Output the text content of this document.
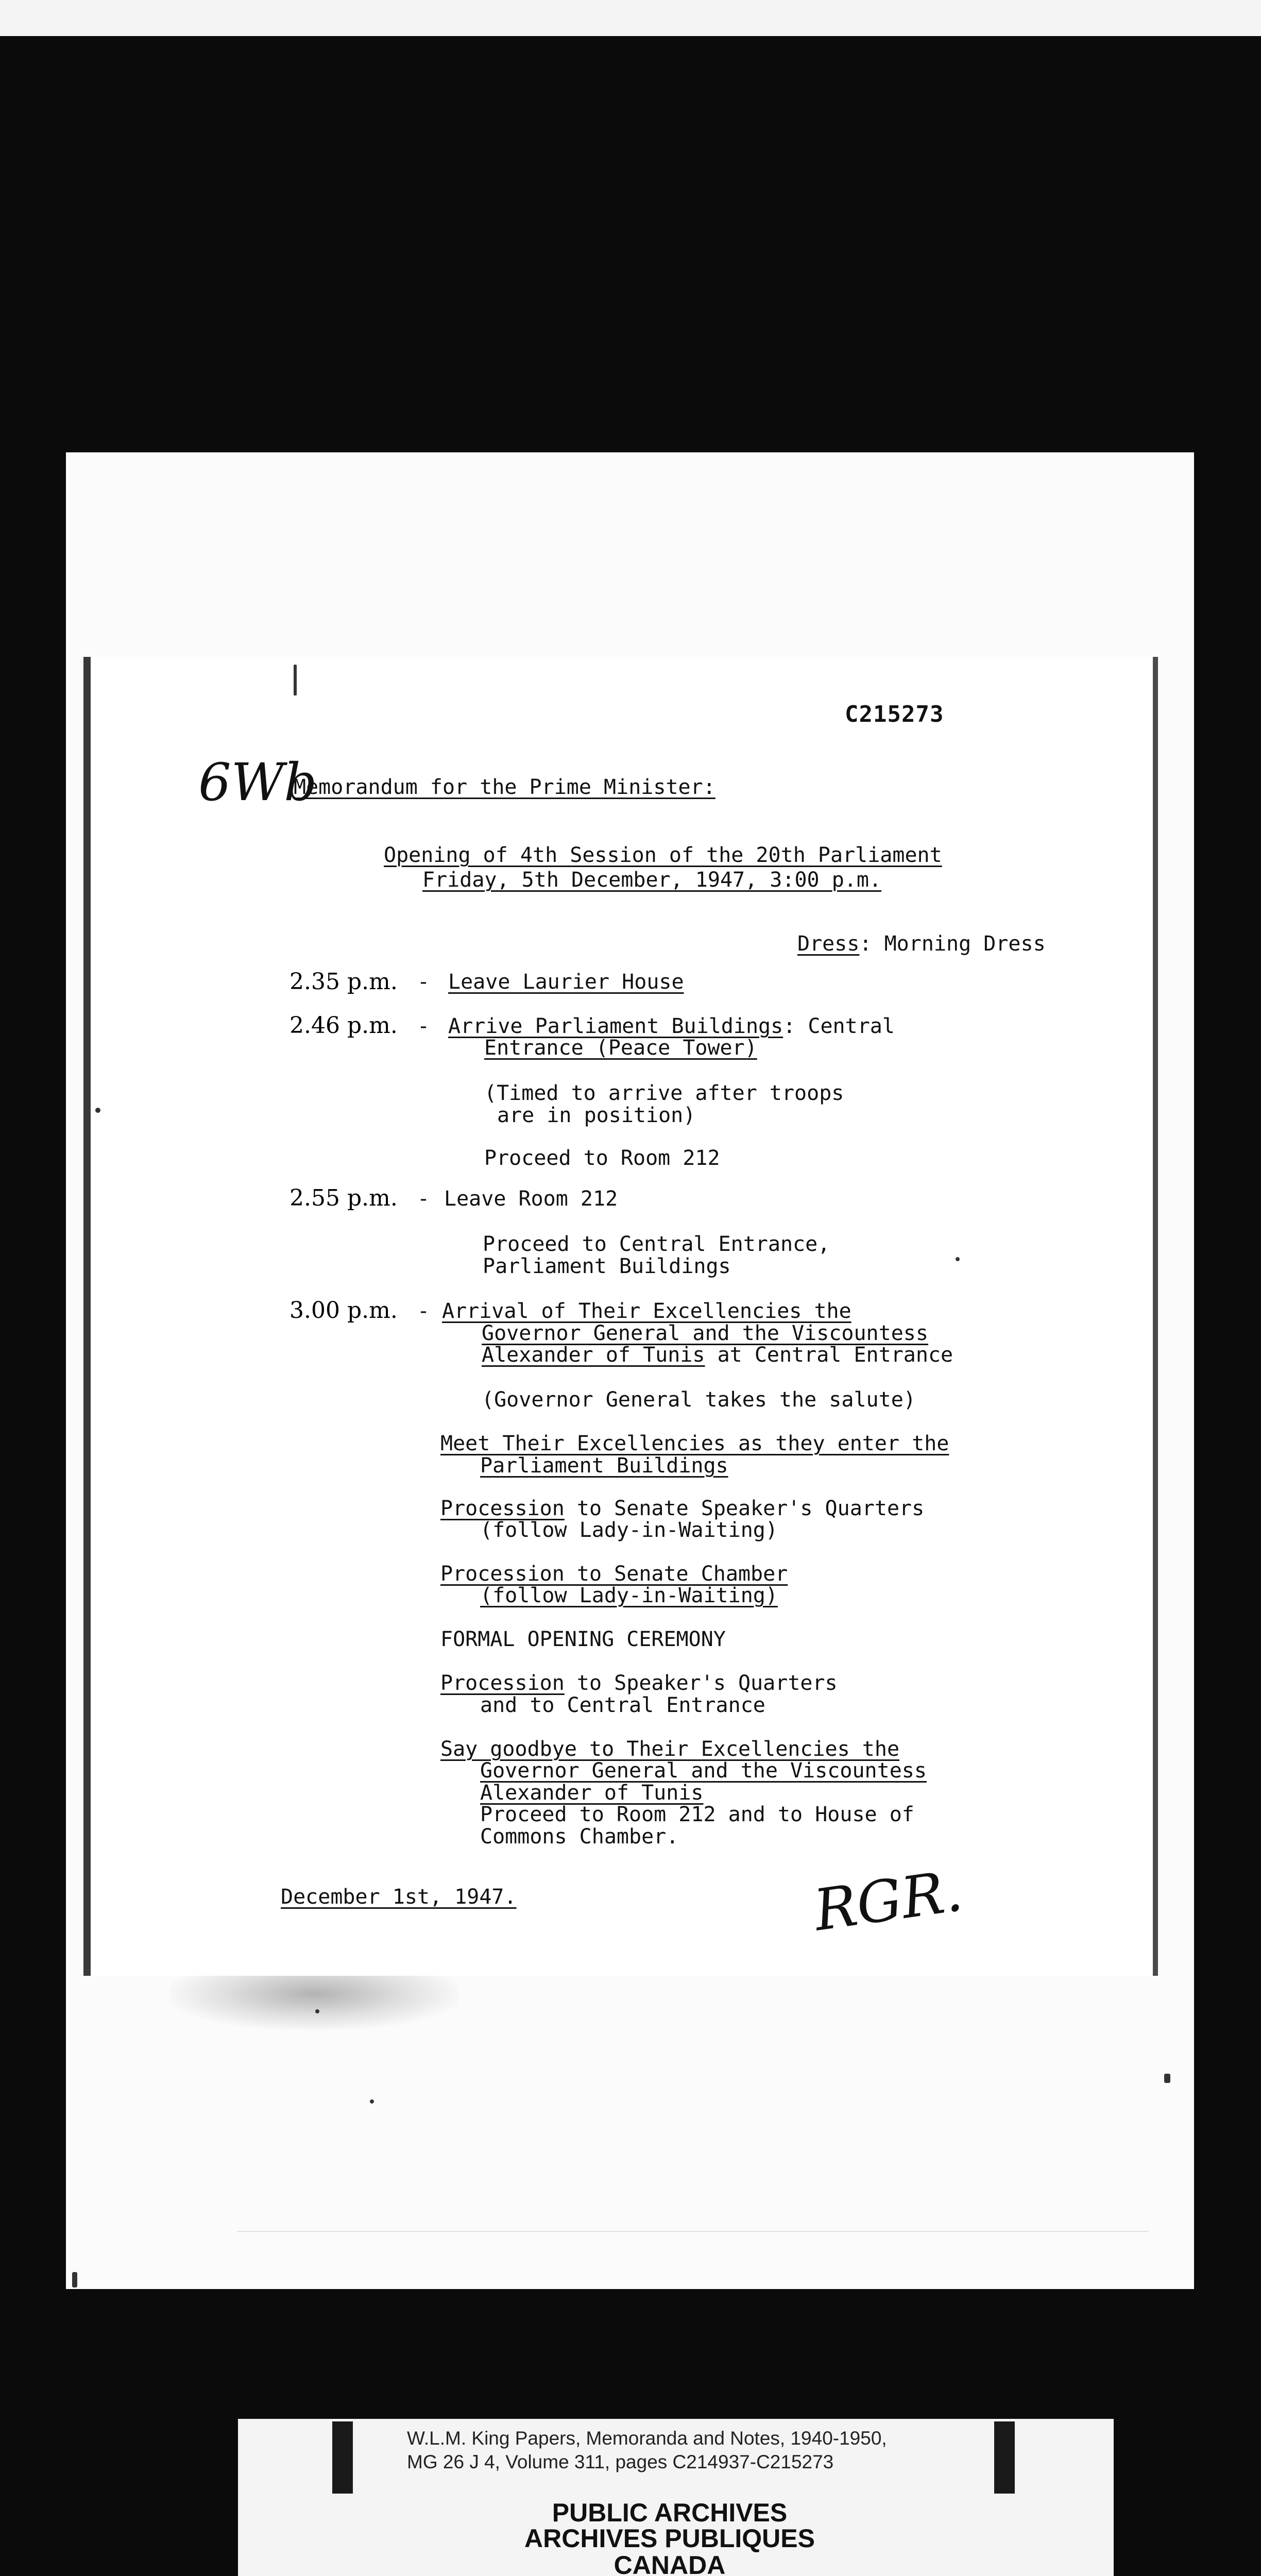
C215273
6Wb
Memorandum for the Prime Minister:
Opening of 4th Session of the 20th Parliament
Friday, 5th December, 1947, 3:00 p.m.
Dress: Morning Dress
2.35 p.m. - Leave Laurier House
2.46 p.m. - Arrive Parliament Buildings: Central
Entrance (Peace Tower)
(Timed to arrive after troops
are in position)
Proceed to Room 212
2.55 p.m. - Leave Room 212
Proceed to Central Entrance,
Parliament Buildings
3.00 p.m. - Arrival of Their Excellencies the
Governor General and the Viscountess
Alexander of Tunis at Central Entrance
(Governor General takes the salute)
Meet Their Excellencies as they enter the
Parliament Buildings
Procession to Senate Speaker's Quarters
(follow Lady-in-Waiting)
Procession to Senate Chamber
(follow Lady-in-Waiting)
FORMAL OPENING CEREMONY
Procession to Speaker's Quarters
and to Central Entrance
Say goodbye to Their Excellencies the
Governor General and the Viscountess
Alexander of Tunis
Proceed to Room 212 and to House of
Commons Chamber.
December 1st, 1947.	RGR.
W.L.M. King Papers, Memoranda and Notes, 1940-1950,
MG 26 J 4, Volume 311, pages C214937-C215273
PUBLIC ARCHIVES
ARCHIVES PUBLIQUES
CANADA
